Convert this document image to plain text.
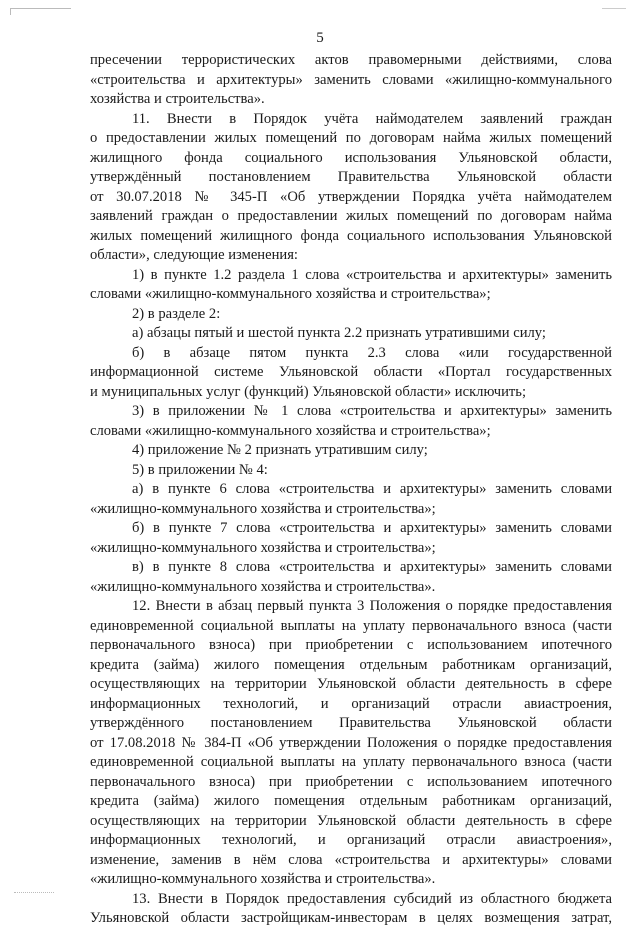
5
пресечении террористических актов правомерными действиями, слова
«строительства и архитектуры» заменить словами «жилищно-коммунального
хозяйства и строительства».
11. Внести в Порядок учёта наймодателем заявлений граждан
о предоставлении жилых помещений по договорам найма жилых помещений
жилищного фонда социального использования Ульяновской области,
утверждённый постановлением Правительства Ульяновской области
от 30.07.2018 № 345-П «Об утверждении Порядка учёта наймодателем
заявлений граждан о предоставлении жилых помещений по договорам найма
жилых помещений жилищного фонда социального использования Ульяновской
области», следующие изменения:
1) в пункте 1.2 раздела 1 слова «строительства и архитектуры» заменить
словами «жилищно-коммунального хозяйства и строительства»;
2) в разделе 2:
а) абзацы пятый и шестой пункта 2.2 признать утратившими силу;
б) в абзаце пятом пункта 2.3 слова «или государственной
информационной системе Ульяновской области «Портал государственных
и муниципальных услуг (функций) Ульяновской области» исключить;
3) в приложении № 1 слова «строительства и архитектуры» заменить
словами «жилищно-коммунального хозяйства и строительства»;
4) приложение № 2 признать утратившим силу;
5) в приложении № 4:
а) в пункте 6 слова «строительства и архитектуры» заменить словами
«жилищно-коммунального хозяйства и строительства»;
б) в пункте 7 слова «строительства и архитектуры» заменить словами
«жилищно-коммунального хозяйства и строительства»;
в) в пункте 8 слова «строительства и архитектуры» заменить словами
«жилищно-коммунального хозяйства и строительства».
12. Внести в абзац первый пункта 3 Положения о порядке предоставления
единовременной социальной выплаты на уплату первоначального взноса (части
первоначального взноса) при приобретении с использованием ипотечного
кредита (займа) жилого помещения отдельным работникам организаций,
осуществляющих на территории Ульяновской области деятельность в сфере
информационных технологий, и организаций отрасли авиастроения,
утверждённого постановлением Правительства Ульяновской области
от 17.08.2018 № 384-П «Об утверждении Положения о порядке предоставления
единовременной социальной выплаты на уплату первоначального взноса (части
первоначального взноса) при приобретении с использованием ипотечного
кредита (займа) жилого помещения отдельным работникам организаций,
осуществляющих на территории Ульяновской области деятельность в сфере
информационных технологий, и организаций отрасли авиастроения»,
изменение, заменив в нём слова «строительства и архитектуры» словами
«жилищно-коммунального хозяйства и строительства».
13. Внести в Порядок предоставления субсидий из областного бюджета
Ульяновской области застройщикам-инвесторам в целях возмещения затрат,
